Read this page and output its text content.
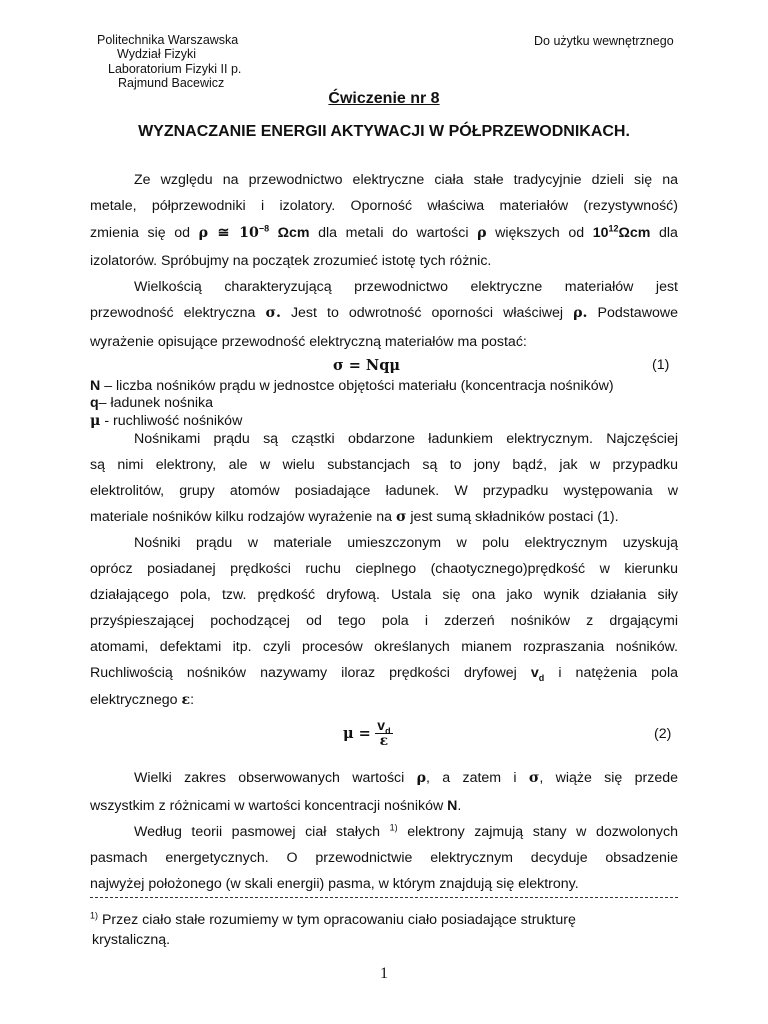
Politechnika Warszawska
Wydział Fizyki
Laboratorium Fizyki II p.
Rajmund Bacewicz
Do użytku wewnętrznego
Ćwiczenie nr 8
WYZNACZANIE ENERGII AKTYWACJI W PÓŁPRZEWODNIKACH.
Ze względu na przewodnictwo elektryczne ciała stałe tradycyjnie dzieli się na
metale, półprzewodniki i izolatory. Oporność właściwa materiałów (rezystywność)
zmienia się od ρ ≅ $10^{-8}$ Ωcm dla metali do wartości ρ większych od $10^{12}\Omega cm$ dla
izolatorów. Spróbujmy na początek zrozumieć istotę tych różnic.
Wielkością charakteryzującą przewodnictwo elektryczne materiałów jest
przewodność elektryczna σ. Jest to odwrotność oporności właściwej ρ. Podstawowe
wyrażenie opisujące przewodność elektryczną materiałów ma postać:
σ = Nqμ	(1)
N – liczba nośników prądu w jednostce objętości materiału (koncentracja nośników)
q– ładunek nośnika
μ - ruchliwość nośników
Nośnikami prądu są cząstki obdarzone ładunkiem elektrycznym. Najczęściej
są nimi elektrony, ale w wielu substancjach są to jony bądź, jak w przypadku
elektrolitów, grupy atomów posiadające ładunek. W przypadku występowania w
materiale nośników kilku rodzajów wyrażenie na σ jest sumą składników postaci (1).
Nośniki prądu w materiale umieszczonym w polu elektrycznym uzyskują
oprócz posiadanej prędkości ruchu cieplnego (chaotycznego)prędkość w kierunku
działającego pola, tzw. prędkość dryfową. Ustala się ona jako wynik działania siły
przyśpieszającej pochodzącej od tego pola i zderzeń nośników z drgającymi
atomami, defektami itp. czyli procesów określanych mianem rozpraszania nośników.
Ruchliwością nośników nazywamy iloraz prędkości dryfowej $v_d$ i natężenia pola
elektrycznego ε:
$\mu = \frac{v_d}{\varepsilon}$	(2)
Wielki zakres obserwowanych wartości ρ, a zatem i σ, wiąże się przede
wszystkim z różnicami w wartości koncentracji nośników N.
Według teorii pasmowej ciał stałych $^{1)}$ elektrony zajmują stany w dozwolonych
pasmach energetycznych. O przewodnictwie elektrycznym decyduje obsadzenie
najwyżej położonego (w skali energii) pasma, w którym znajdują się elektrony.
$^{1)}$ Przez ciało stałe rozumiemy w tym opracowaniu ciało posiadające strukturę
krystaliczną.
1
